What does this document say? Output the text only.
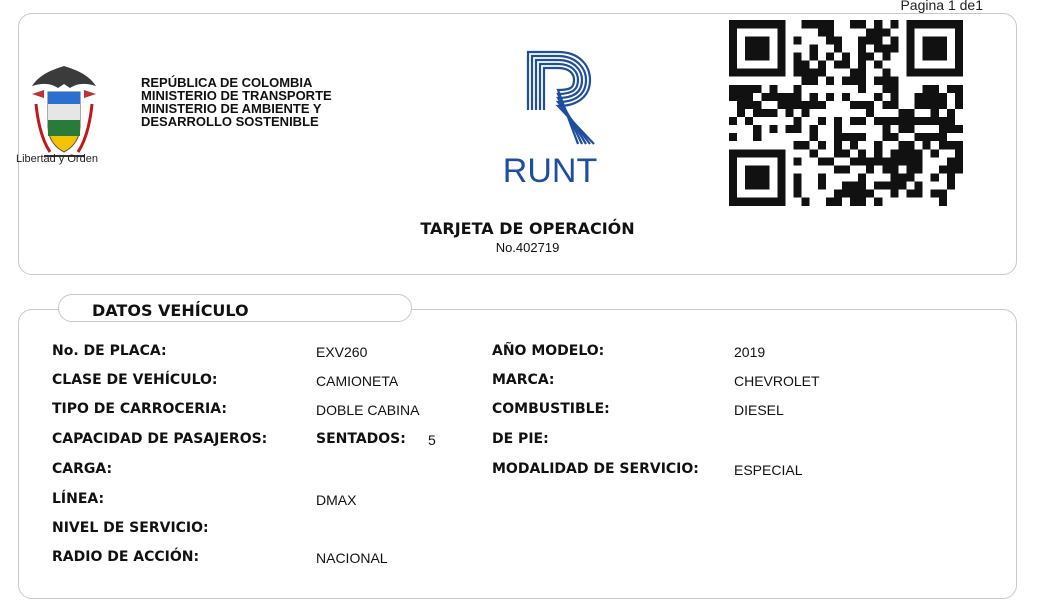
Pagina 1 de1
Libertad y Orden
REPÚBLICA DE COLOMBIA
MINISTERIO DE TRANSPORTE
MINISTERIO DE AMBIENTE Y
DESARROLLO SOSTENIBLE
RUNT
TARJETA DE OPERACIÓN
No.402719
DATOS VEHÍCULO
No. DE PLACA:	EXV260
CLASE DE VEHÍCULO:	CAMIONETA
TIPO DE CARROCERIA:	DOBLE CABINA
CAPACIDAD DE PASAJEROS:	SENTADOS: 5
CARGA:
LÍNEA:	DMAX
NIVEL DE SERVICIO:
RADIO DE ACCIÓN:	NACIONAL
AÑO MODELO:	2019
MARCA:	CHEVROLET
COMBUSTIBLE:	DIESEL
DE PIE:
MODALIDAD DE SERVICIO:	ESPECIAL
